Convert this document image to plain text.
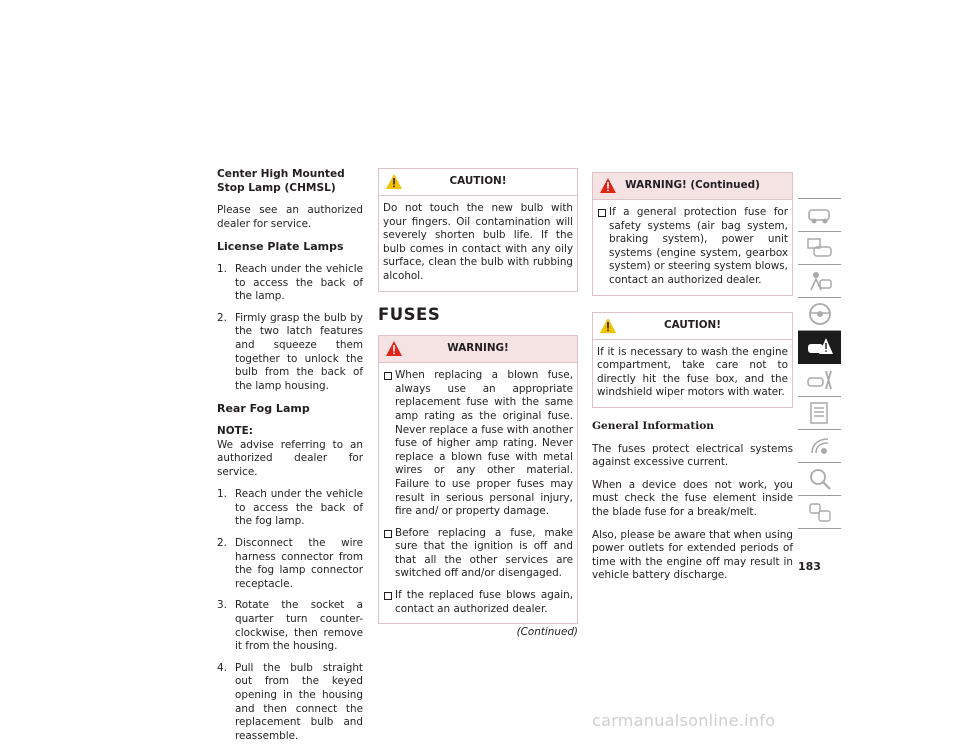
Center High Mounted Stop Lamp (CHMSL)

Please see an authorized dealer for service.

License Plate Lamps
1. Reach under the vehicle to access the back of the lamp.
2. Firmly grasp the bulb by the two latch features and squeeze them together to unlock the bulb from the back of the lamp housing.
Rear Fog Lamp

NOTE:

We advise referring to an authorized dealer for service.

1. Reach under the vehicle to access the back of the fog lamp.
2. Disconnect the wire harness connector from the fog lamp connector receptacle.
3. Rotate the socket a quarter turn counter-clockwise, then remove it from the housing.
4. Pull the bulb straight out from the keyed opening in the housing and then connect the replacement bulb and reassemble.
CAUTION!

Do not touch the new bulb with your fingers. Oil contamination will severely shorten bulb life. If the bulb comes in contact with any oily surface, clean the bulb with rubbing alcohol.

FUSES
WARNING!
When replacing a blown fuse, always use an appropriate replacement fuse with the same amp rating as the original fuse. Never replace a fuse with another fuse of higher amp rating. Never replace a blown fuse with metal wires or any other material. Failure to use proper fuses may result in serious personal injury, fire and/ or property damage.
Before replacing a fuse, make sure that the ignition is off and that all the other services are switched off and/or disengaged.
If the replaced fuse blows again, contact an authorized dealer.
(Continued)
WARNING! (Continued)
If a general protection fuse for safety systems (air bag system, braking system), power unit systems (engine system, gearbox system) or steering system blows, contact an authorized dealer.
CAUTION!

If it is necessary to wash the engine compartment, take care not to directly hit the fuse box, and the windshield wiper motors with water.

General Information

The fuses protect electrical systems against excessive current.

When a device does not work, you must check the fuse element inside the blade fuse for a break/melt.

Also, please be aware that when using power outlets for extended periods of time with the engine off may result in vehicle battery discharge.

183
carmanualsonline.info
